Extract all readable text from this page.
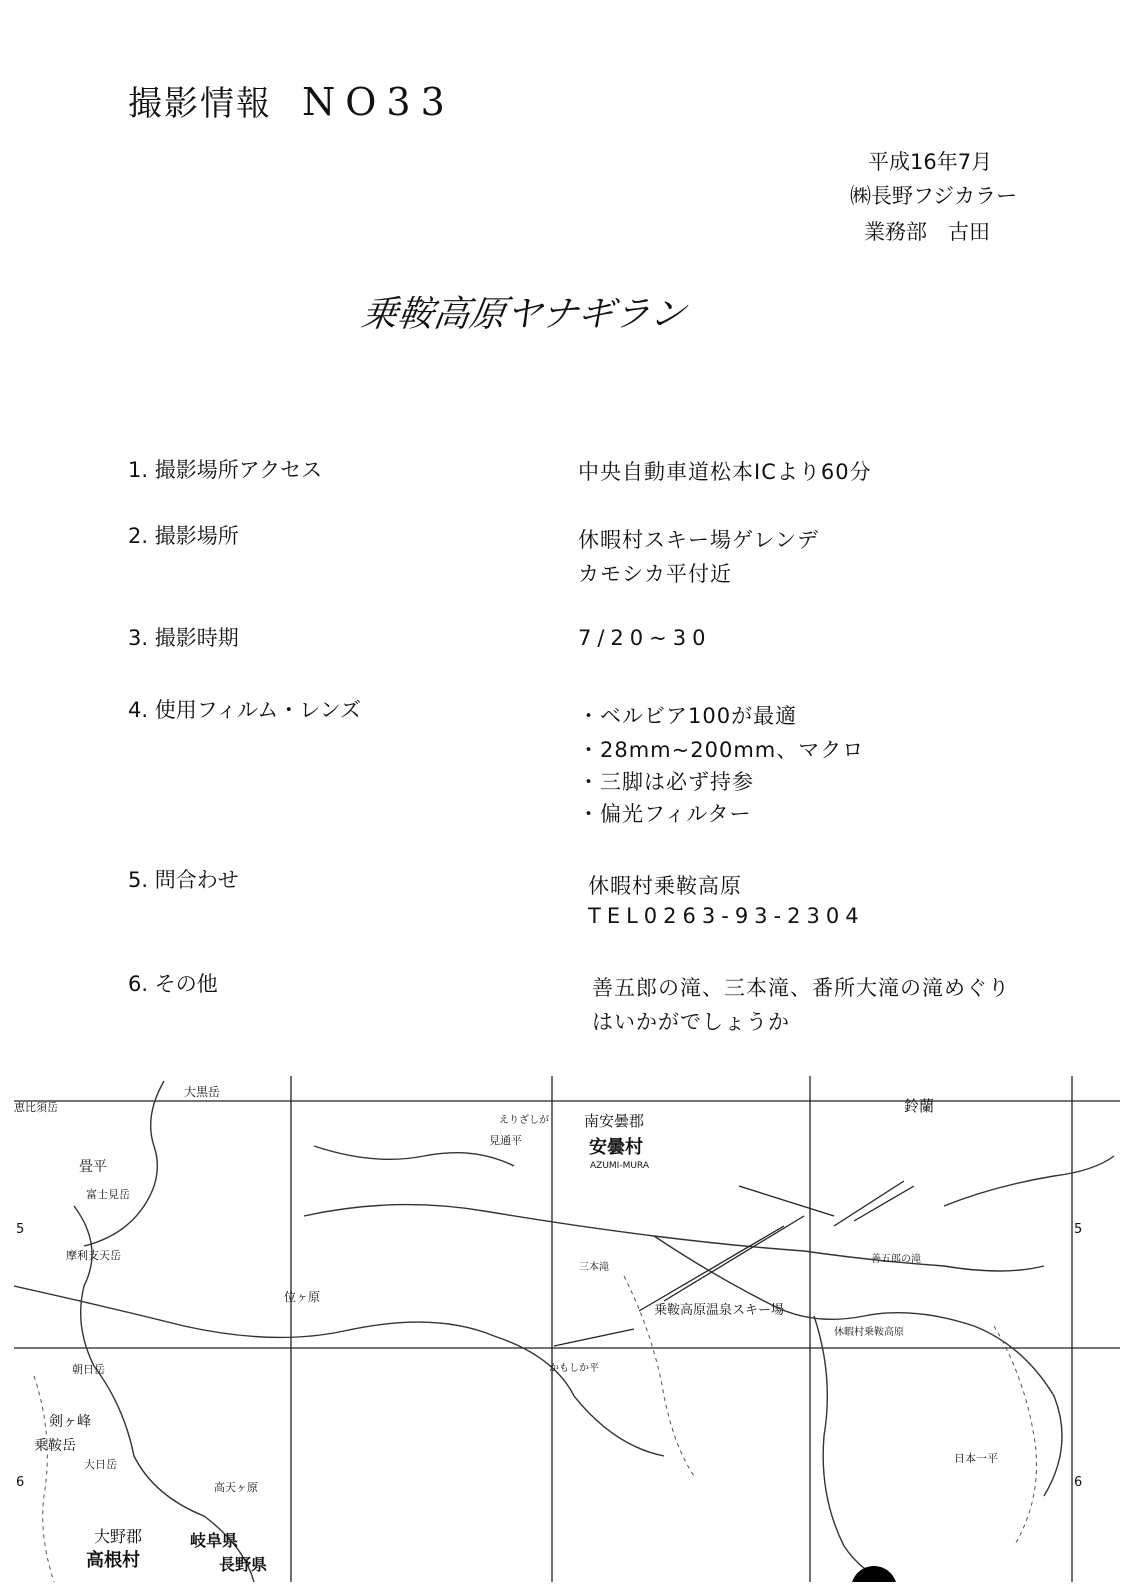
撮影情報 NO33
平成16年7月
㈱長野フジカラー
業務部　古田
乗鞍高原ヤナギラン
1. 撮影場所アクセス	中央自動車道松本ICより60分
2. 撮影場所	休暇村スキー場ゲレンデ
カモシカ平付近
3. 撮影時期	7/20~30
4. 使用フィルム・レンズ	・ベルビア100が最適
・28mm~200mm、マクロ
・三脚は必ず持参
・偏光フィルター
5. 問合わせ	休暇村乗鞍高原
TEL0263-93-2304
6. その他	善五郎の滝、三本滝、番所大滝の滝めぐり
はいかがでしょうか
5
6
5
6
恵比須岳
大黒岳
畳平
富士見岳
摩利支天岳
朝日岳
剣ヶ峰
乗鞍岳
大日岳
高天ヶ原
大野郡
高根村
岐阜県
長野県
位ヶ原
えりざしが
見通平
南安曇郡
安曇村
AZUMI-MURA
鈴蘭
乗鞍高原温泉スキー場
三本滝
かもしか平
善五郎の滝
休暇村乗鞍高原
日本一平
